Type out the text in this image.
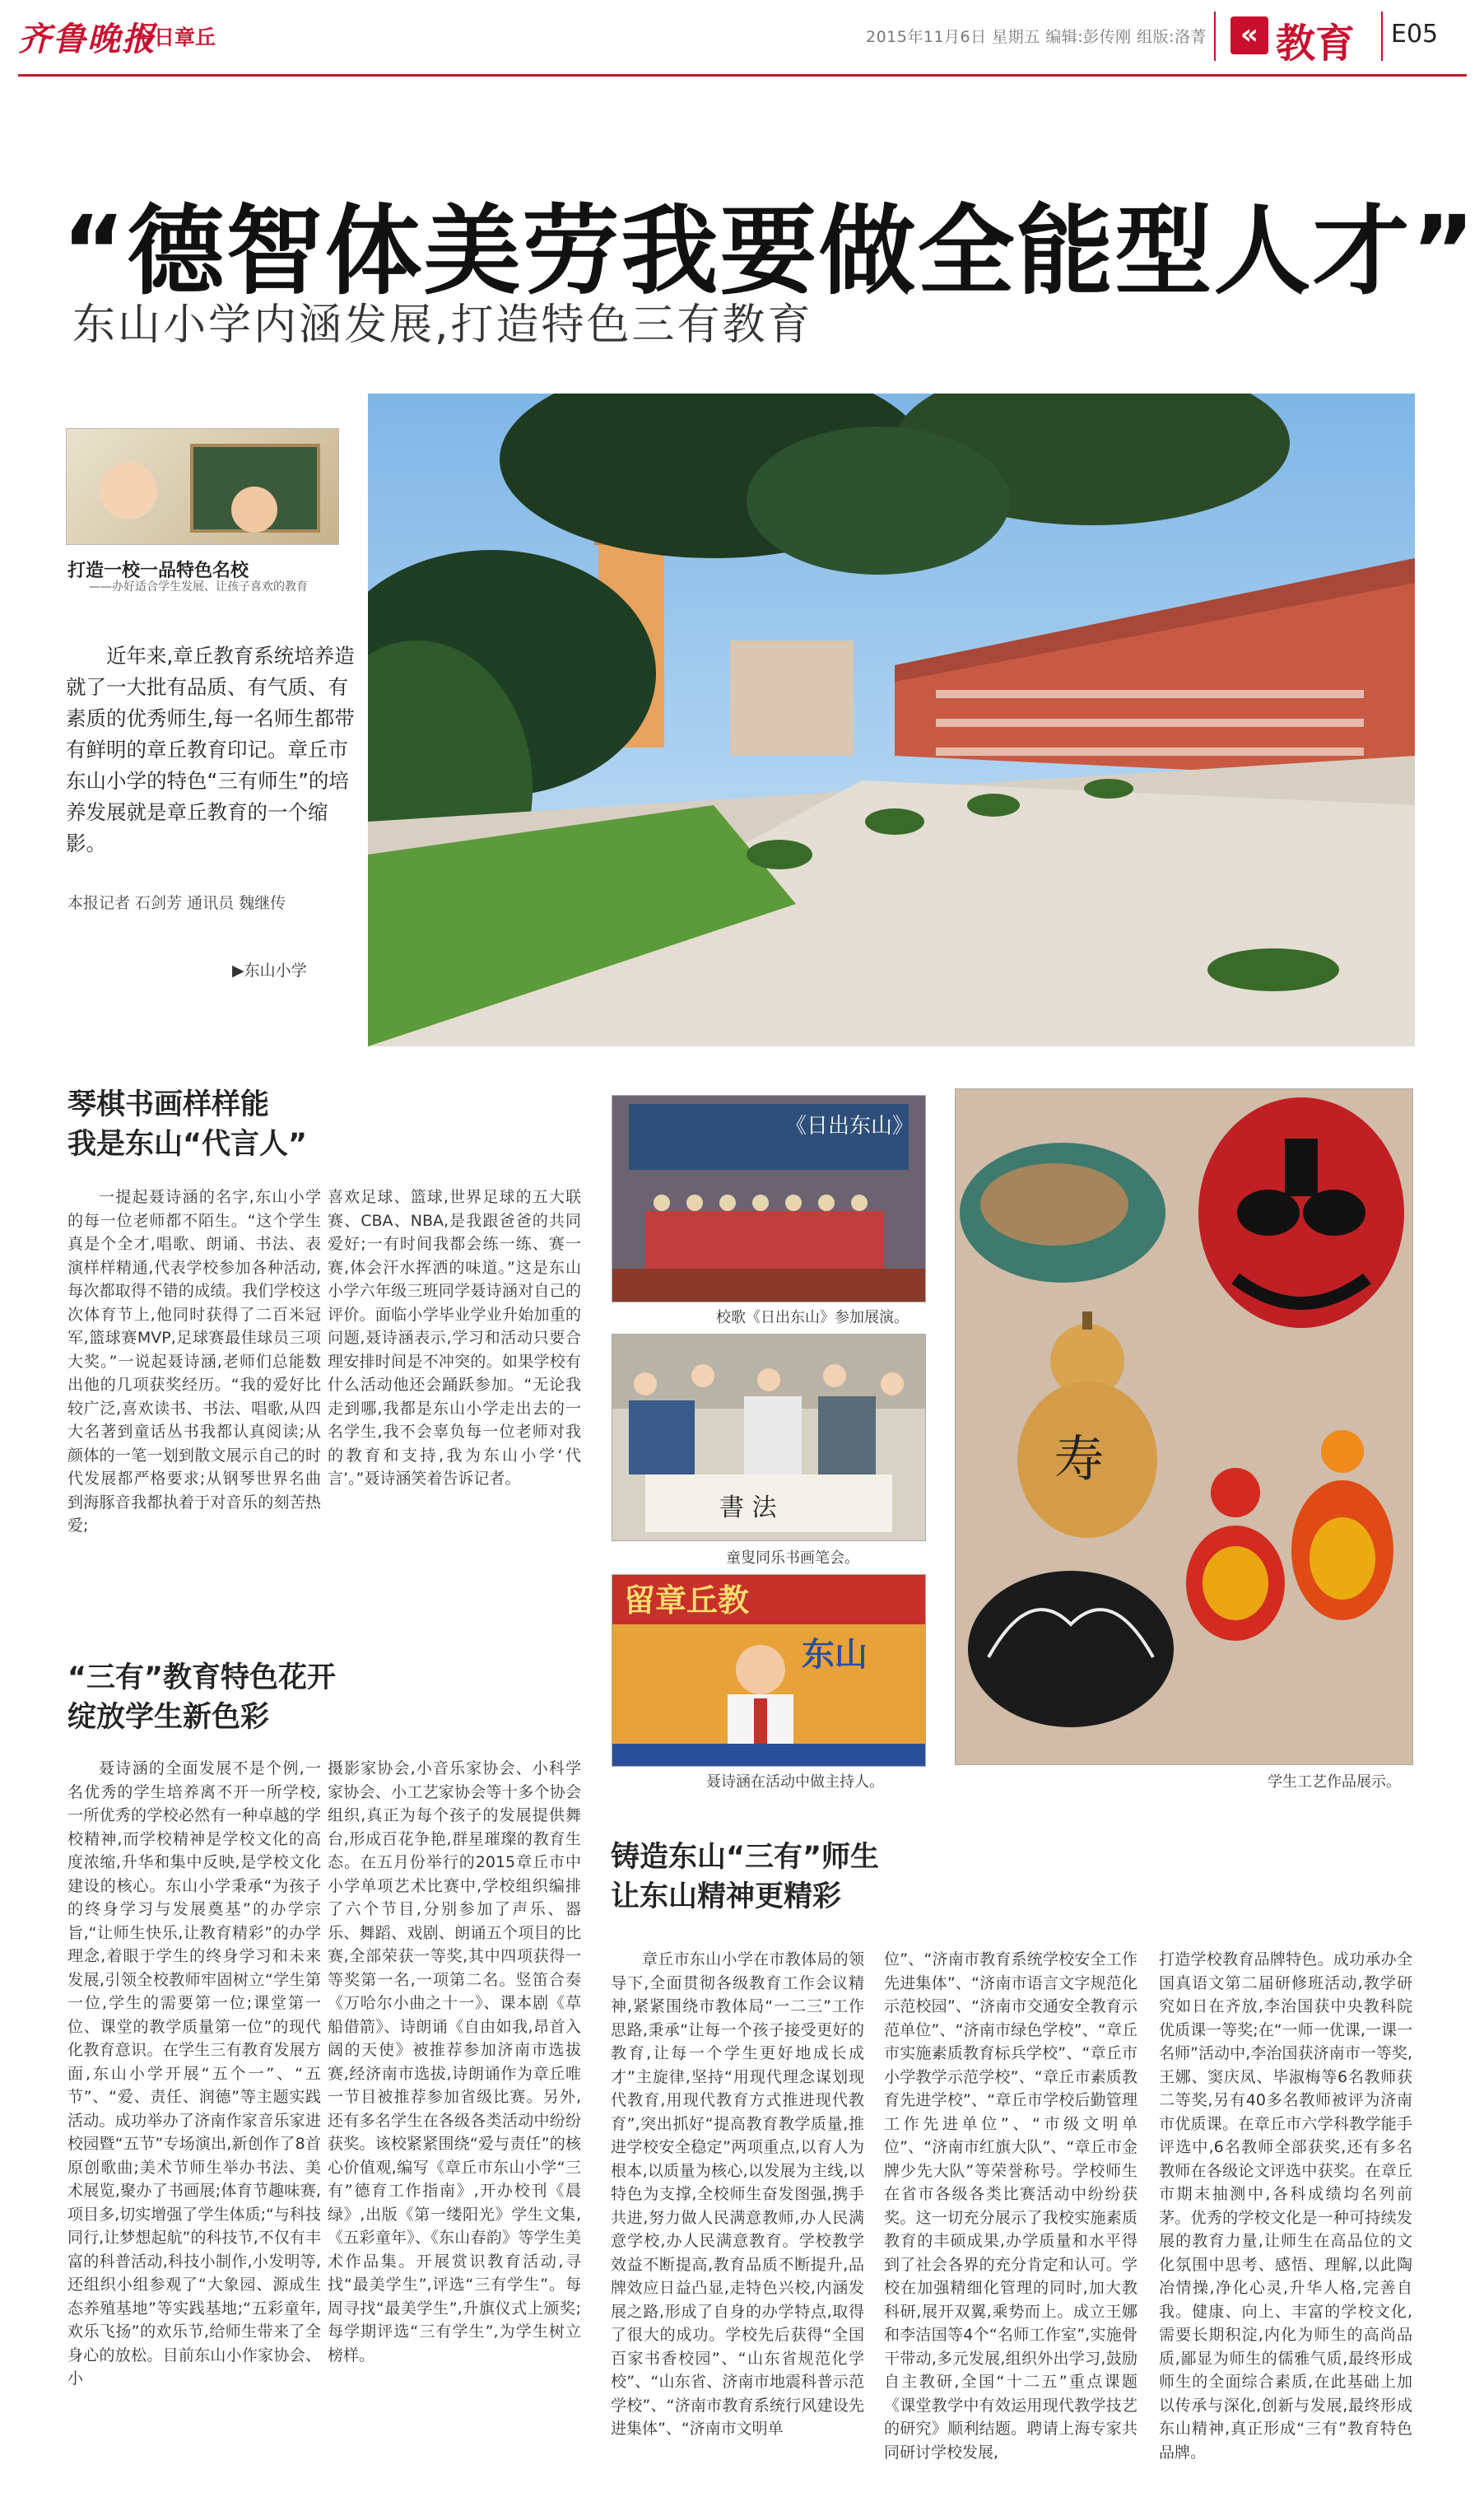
齐鲁晚报
今日章丘	2015年11月6日 星期五 编辑:彭传刚 组版:洛菁	« 教育 E05
“德智体美劳我要做全能型人才”
东山小学内涵发展,打造特色三有教育
打造一校一品特色名校
——办好适合学生发展、让孩子喜欢的教育
近年来,章丘教育系统培养造就了一大批有品质、有气质、有素质的优秀师生,每一名师生都带有鲜明的章丘教育印记。章丘市东山小学的特色“三有师生”的培养发展就是章丘教育的一个缩影。
本报记者 石剑芳 通讯员 魏继传
▶东山小学
琴棋书画样样能
我是东山“代言人”

一提起聂诗涵的名字,东山小学的每一位老师都不陌生。“这个学生真是个全才,唱歌、朗诵、书法、表演样样精通,代表学校参加各种活动,每次都取得不错的成绩。我们学校这次体育节上,他同时获得了二百米冠军,篮球赛MVP,足球赛最佳球员三项大奖。”一说起聂诗涵,老师们总能数出他的几项获奖经历。“我的爱好比较广泛,喜欢读书、书法、唱歌,从四大名著到童话丛书我都认真阅读;从颜体的一笔一划到散文展示自己的时代发展都严格要求;从钢琴世界名曲到海豚音我都执着于对音乐的刻苦热爱;

喜欢足球、篮球,世界足球的五大联赛、CBA、NBA,是我跟爸爸的共同爱好;一有时间我都会练一练、赛一赛,体会汗水挥洒的味道。”这是东山小学六年级三班同学聂诗涵对自己的评价。面临小学毕业学业升始加重的问题,聂诗涵表示,学习和活动只要合理安排时间是不冲突的。如果学校有什么活动他还会踊跃参加。“无论我走到哪,我都是东山小学走出去的一名学生,我不会辜负每一位老师对我的教育和支持,我为东山小学‘代言’。”聂诗涵笑着告诉记者。

“三有”教育特色花开
绽放学生新色彩

聂诗涵的全面发展不是个例,一名优秀的学生培养离不开一所学校,一所优秀的学校必然有一种卓越的学校精神,而学校精神是学校文化的高度浓缩,升华和集中反映,是学校文化建设的核心。东山小学秉承“为孩子的终身学习与发展奠基”的办学宗旨,“让师生快乐,让教育精彩”的办学理念,着眼于学生的终身学习和未来发展,引领全校教师牢固树立“学生第一位,学生的需要第一位;课堂第一位、课堂的教学质量第一位”的现代化教育意识。在学生三有教育发展方面,东山小学开展“五个一”、“五节”、“爱、责任、润德”等主题实践活动。成功举办了济南作家音乐家进校园暨“五节”专场演出,新创作了8首原创歌曲;美术节师生举办书法、美术展览,聚办了书画展;体育节趣味赛,项目多,切实增强了学生体质;“与科技同行,让梦想起航”的科技节,不仅有丰富的科普活动,科技小制作,小发明等,还组织小组参观了“大象园、源成生态养殖基地”等实践基地;“五彩童年,欢乐飞扬”的欢乐节,给师生带来了全身心的放松。目前东山小作家协会、小

摄影家协会,小音乐家协会、小科学家协会、小工艺家协会等十多个协会组织,真正为每个孩子的发展提供舞台,形成百花争艳,群星璀璨的教育生态。在五月份举行的2015章丘市中小学单项艺术比赛中,学校组织编排了六个节目,分别参加了声乐、器乐、舞蹈、戏剧、朗诵五个项目的比赛,全部荣获一等奖,其中四项获得一等奖第一名,一项第二名。竖笛合奏《万哈尔小曲之十一》、课本剧《草船借箭》、诗朗诵《自由如我,昂首入阔的天使》被推荐参加济南市选拔赛,经济南市选拔,诗朗诵作为章丘唯一节目被推荐参加省级比赛。另外,还有多名学生在各级各类活动中纷纷获奖。该校紧紧围绕“爱与责任”的核心价值观,编写《章丘市东山小学“三有”德育工作指南》,开办校刊《晨绿》,出版《第一缕阳光》学生文集,《五彩童年》、《东山春韵》等学生美术作品集。开展赏识教育活动,寻找“最美学生”,评选“三有学生”。每周寻找“最美学生”,升旗仪式上颁奖;每学期评选“三有学生”,为学生树立榜样。

《日出东山》
校歌《日出东山》参加展演。
書 法
童叟同乐书画笔会。
留章丘教
东山
聂诗涵在活动中做主持人。
寿
学生工艺作品展示。
铸造东山“三有”师生
让东山精神更精彩

章丘市东山小学在市教体局的领导下,全面贯彻各级教育工作会议精神,紧紧围绕市教体局“一二三”工作思路,秉承“让每一个孩子接受更好的教育,让每一个学生更好地成长成才”主旋律,坚持“用现代理念谋划现代教育,用现代教育方式推进现代教育”,突出抓好“提高教育教学质量,推进学校安全稳定”两项重点,以育人为根本,以质量为核心,以发展为主线,以特色为支撑,全校师生奋发图强,携手共进,努力做人民满意教师,办人民满意学校,办人民满意教育。学校教学效益不断提高,教育品质不断提升,品牌效应日益凸显,走特色兴校,内涵发展之路,形成了自身的办学特点,取得了很大的成功。学校先后获得“全国百家书香校园”、“山东省规范化学校”、“山东省、济南市地震科普示范学校”、“济南市教育系统行风建设先进集体”、“济南市文明单

位”、“济南市教育系统学校安全工作先进集体”、“济南市语言文字规范化示范校园”、“济南市交通安全教育示范单位”、“济南市绿色学校”、“章丘市实施素质教育标兵学校”、“章丘市小学教学示范学校”、“章丘市素质教育先进学校”、“章丘市学校后勤管理工作先进单位”、“市级文明单位”、“济南市红旗大队”、“章丘市金牌少先大队”等荣誉称号。学校师生在省市各级各类比赛活动中纷纷获奖。这一切充分展示了我校实施素质教育的丰硕成果,办学质量和水平得到了社会各界的充分肯定和认可。学校在加强精细化管理的同时,加大教科研,展开双翼,乘势而上。成立王娜和李洁国等4个“名师工作室”,实施骨干带动,多元发展,组织外出学习,鼓励自主教研,全国“十二五”重点课题《课堂教学中有效运用现代教学技艺的研究》顺利结题。聘请上海专家共同研讨学校发展,

打造学校教育品牌特色。成功承办全国真语文第二届研修班活动,教学研究如日在齐放,李治国获中央教科院优质课一等奖;在“一师一优课,一课一名师”活动中,李治国获济南市一等奖,王娜、窦庆凤、毕淑梅等6名教师获二等奖,另有40多名教师被评为济南市优质课。在章丘市六学科教学能手评选中,6名教师全部获奖,还有多名教师在各级论文评选中获奖。在章丘市期末抽测中,各科成绩均名列前茅。优秀的学校文化是一种可持续发展的教育力量,让师生在高品位的文化氛围中思考、感悟、理解,以此陶冶情操,净化心灵,升华人格,完善自我。健康、向上、丰富的学校文化,需要长期积淀,内化为师生的高尚品质,鄙显为师生的儒雅气质,最终形成师生的全面综合素质,在此基础上加以传承与深化,创新与发展,最终形成东山精神,真正形成“三有”教育特色品牌。
